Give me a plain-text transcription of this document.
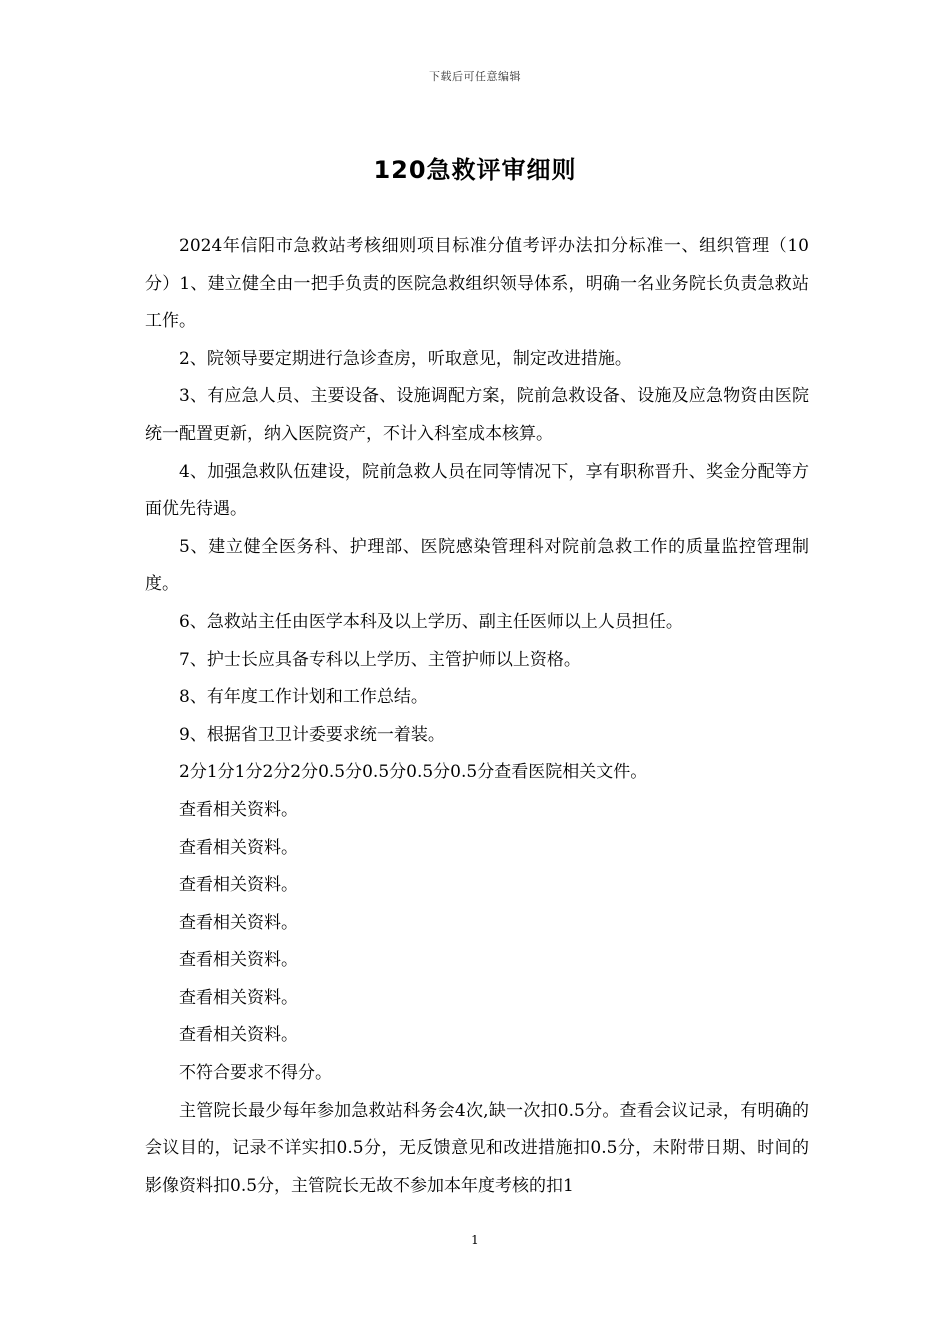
下载后可任意编辑
120急救评审细则

2024年信阳市急救站考核细则项目标准分值考评办法扣分标准一、组织管理（10分）1、建立健全由一把手负责的医院急救组织领导体系，明确一名业务院长负责急救站工作。

2、院领导要定期进行急诊查房，听取意见，制定改进措施。

3、有应急人员、主要设备、设施调配方案，院前急救设备、设施及应急物资由医院统一配置更新，纳入医院资产，不计入科室成本核算。

4、加强急救队伍建设，院前急救人员在同等情况下，享有职称晋升、奖金分配等方面优先待遇。

5、建立健全医务科、护理部、医院感染管理科对院前急救工作的质量监控管理制度。

6、急救站主任由医学本科及以上学历、副主任医师以上人员担任。

7、护士长应具备专科以上学历、主管护师以上资格。

8、有年度工作计划和工作总结。

9、根据省卫卫计委要求统一着装。

2分1分1分2分2分0.5分0.5分0.5分0.5分查看医院相关文件。

查看相关资料。

查看相关资料。

查看相关资料。

查看相关资料。

查看相关资料。

查看相关资料。

查看相关资料。

不符合要求不得分。

主管院长最少每年参加急救站科务会4次,缺一次扣0.5分。查看会议记录，有明确的会议目的，记录不详实扣0.5分，无反馈意见和改进措施扣0.5分，未附带日期、时间的影像资料扣0.5分，主管院长无故不参加本年度考核的扣1

1
